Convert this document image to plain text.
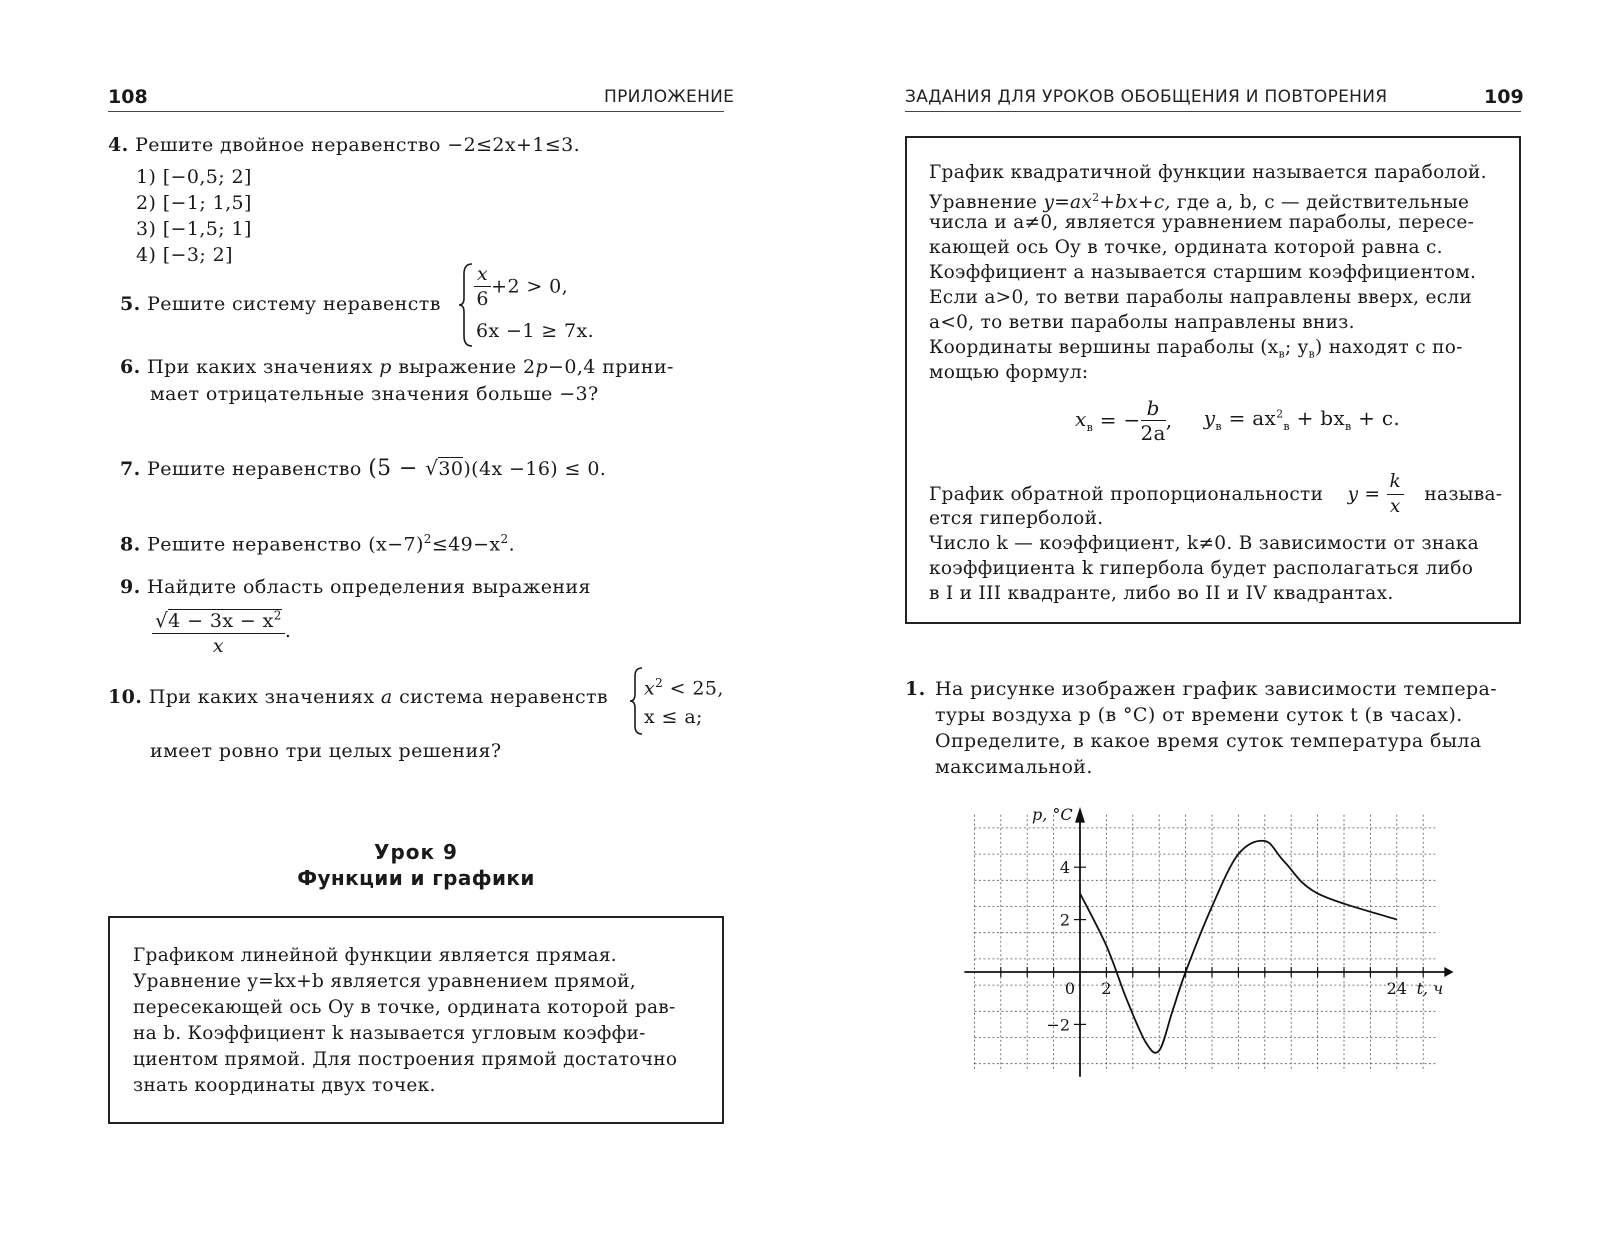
108	ПРИЛОЖЕНИЕ
4. Решите двойное неравенство −2≤2x+1≤3.
1) [−0,5; 2]
2) [−1; 1,5]
3) [−1,5; 1]
4) [−3; 2]
5. Решите систему неравенств $\frac{x}{6} +2 > 0$,
6x −1 ≥ 7x.
6. При каких значениях p выражение 2p−0,4 прини-
мает отрицательные значения больше −3?
7. Решите неравенство (5 − √30)(4x −16) ≤ 0.
8. Решите неравенство $(x-7)^2\le 49-x^2$.
9. Найдите область определения выражения
$\frac{√4 - 3x - x^2}{x}$ .
10. При каких значениях a система неравенств $x^2 < 25$,
x ≤ a;
имеет ровно три целых решения?
Урок 9
Функции и графики
Графиком линейной функции является прямая.
Уравнение y=kx+b является уравнением прямой,
пересекающей ось Oy в точке, ордината которой рав-
на b. Коэффициент k называется угловым коэффи-
циентом прямой. Для построения прямой достаточно
знать координаты двух точек.
ЗАДАНИЯ ДЛЯ УРОКОВ ОБОБЩЕНИЯ И ПОВТОРЕНИЯ	109
График квадратичной функции называется параболой.
Уравнение $y=ax^2+bx+c$, где a, b, c — действительные
числа и a≠0, является уравнением параболы, пересе-
кающей ось Oy в точке, ордината которой равна c.
Коэффициент a называется старшим коэффициентом.
Если a>0, то ветви параболы направлены вверх, если
a<0, то ветви параболы направлены вниз.
Координаты вершины параболы ($x_в$; $y_в$) находят с по-
мощью формул:
$x_в$ = − $\frac{b}{2a}$ , $y_в = ax^2_в + bx_в + c$.
График обратной пропорциональности $y = \frac{k}{x}$ называ-
ется гиперболой.
Число k — коэффициент, k≠0. В зависимости от знака
коэффициента k гипербола будет располагаться либо
в I и III квадранте, либо во II и IV квадрантах.
1. На рисунке изображен график зависимости темпера-
туры воздуха p (в °C) от времени суток t (в часах).
Определите, в какое время суток температура была
максимальной.
0 2	24
4
2
−2
p, °C
t, ч
